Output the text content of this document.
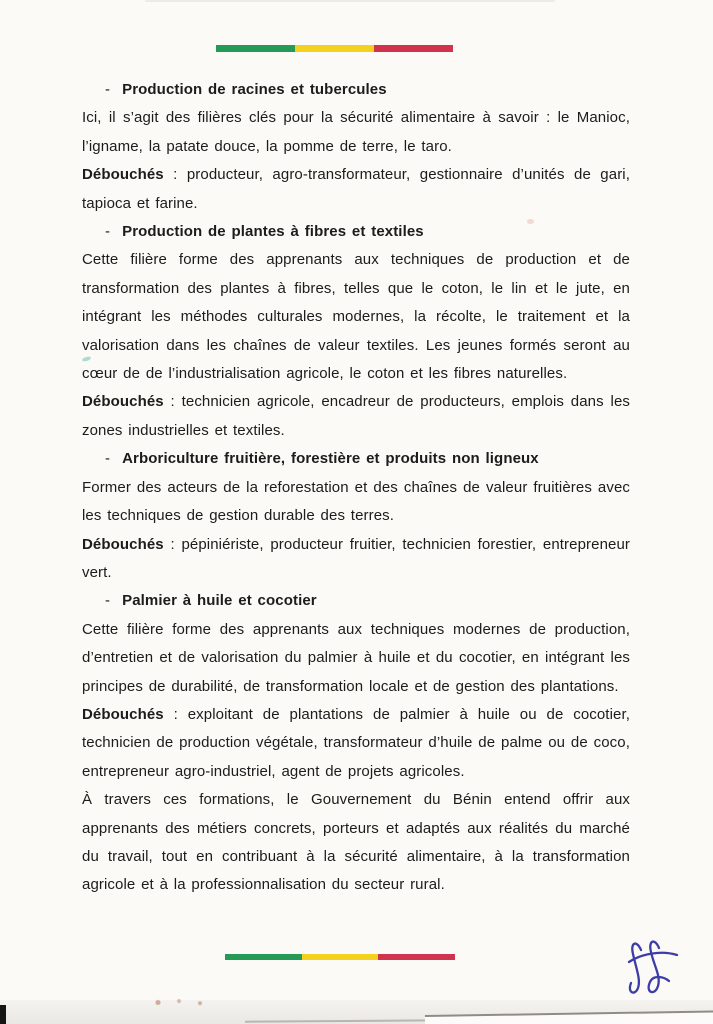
- Production de racines et tubercules

Ici, il s’agit des filières clés pour la sécurité alimentaire à savoir : le Manioc, l’igname, la patate douce, la pomme de terre, le taro.

Débouchés : producteur, agro-transformateur, gestionnaire d’unités de gari, tapioca et farine.

- Production de plantes à fibres et textiles

Cette filière forme des apprenants aux techniques de production et de transformation des plantes à fibres, telles que le coton, le lin et le jute, en intégrant les méthodes culturales modernes, la récolte, le traitement et la valorisation dans les chaînes de valeur textiles. Les jeunes formés seront au cœur de de l’industrialisation agricole, le coton et les fibres naturelles.

Débouchés : technicien agricole, encadreur de producteurs, emplois dans les zones industrielles et textiles.

- Arboriculture fruitière, forestière et produits non ligneux

Former des acteurs de la reforestation et des chaînes de valeur fruitières avec les techniques de gestion durable des terres.

Débouchés : pépiniériste, producteur fruitier, technicien forestier, entrepreneur vert.

- Palmier à huile et cocotier

Cette filière forme des apprenants aux techniques modernes de production, d’entretien et de valorisation du palmier à huile et du cocotier, en intégrant les principes de durabilité, de transformation locale et de gestion des plantations.

Débouchés : exploitant de plantations de palmier à huile ou de cocotier, technicien de production végétale, transformateur d’huile de palme ou de coco, entrepreneur agro-industriel, agent de projets agricoles.

À travers ces formations, le Gouvernement du Bénin entend offrir aux apprenants des métiers concrets, porteurs et adaptés aux réalités du marché du travail, tout en contribuant à la sécurité alimentaire, à la transformation agricole et à la professionnalisation du secteur rural.
